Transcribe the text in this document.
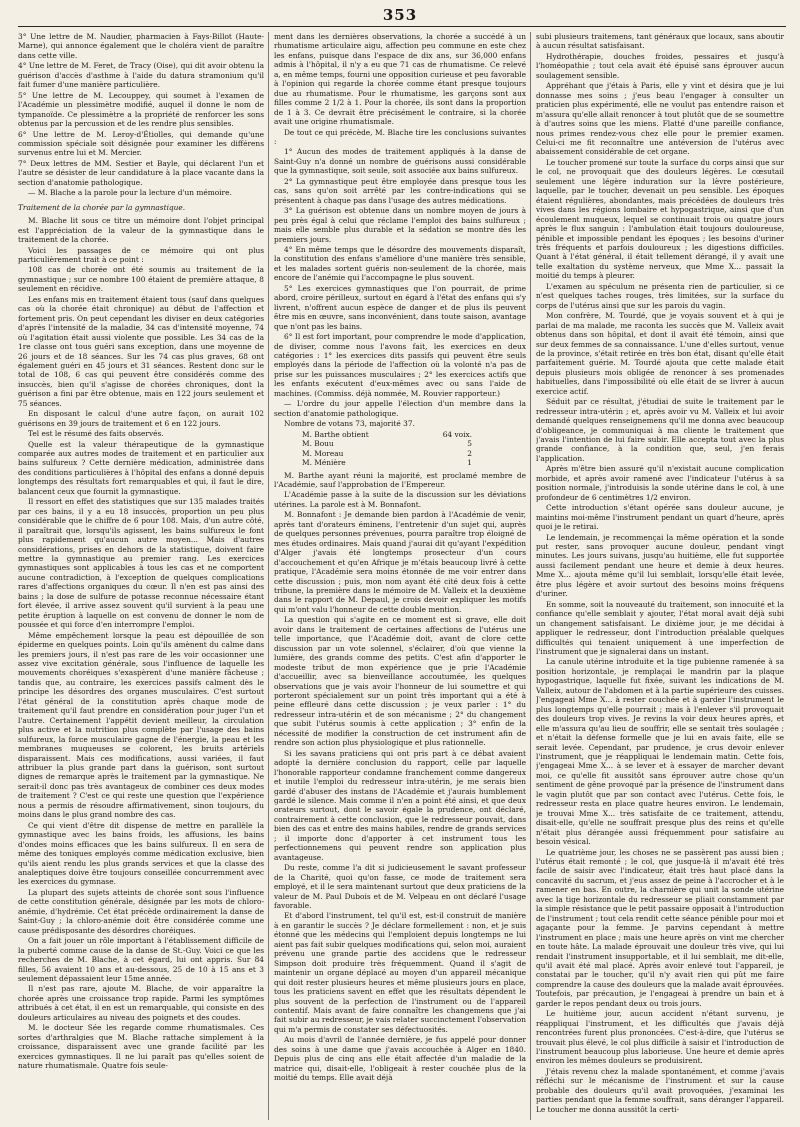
353

3° Une lettre de M. Naudier, pharmacien à Fays-Billot (Haute-Marne), qui annonce également que le choléra vient de paraître dans cette ville.

4° Une lettre de M. Feret, de Tracy (Oise), qui dit avoir obtenu la guérison d'accès d'asthme à l'aide du datura stramonium qu'il fait fumer d'une manière particulière.

5° Une lettre de M. Lecouppey, qui soumet à l'examen de l'Académie un plessimètre modifié, auquel il donne le nom de tympanoïde. Ce plessimètre a la propriété de renforcer les sons obtenus par la percussion et de les rendre plus sensibles.

6° Une lettre de M. Leroy-d'Étiolles, qui demande qu'une commission spéciale soit désignée pour examiner les différens survenus entre lui et M. Mercier.

7° Deux lettres de MM. Sestier et Bayle, qui déclarent l'un et l'autre se désister de leur candidature à la place vacante dans la section d'anatomie pathologique.

— M. Blache a la parole pour la lecture d'un mémoire.

Traitement de la chorée par la gymnastique.

M. Blache lit sous ce titre un mémoire dont l'objet principal est l'appréciation de la valeur de la gymnastique dans le traitement de la chorée.

Voici les passages de ce mémoire qui ont plus particulièrement trait à ce point :

108 cas de chorée ont été soumis au traitement de la gymnastique ; sur ce nombre 100 étaient de première attaque, 8 seulement en récidive.

Les enfans mis en traitement étaient tous (sauf dans quelques cas où la chorée était chronique) au début de l'affection et fortement pris. On peut cependant les diviser en deux catégories d'après l'intensité de la maladie, 34 cas d'intensité moyenne, 74 où l'agitation était aussi violente que possible. Les 34 cas de la 1re classe ont tous guéri sans exception, dans une moyenne de 26 jours et de 18 séances. Sur les 74 cas plus graves, 68 ont également guéri en 45 jours et 31 séances. Restent donc sur le total de 108, 6 cas qui peuvent être considérés comme des insuccès, bien qu'il s'agisse de chorées chroniques, dont la guérison a fini par être obtenue, mais en 122 jours seulement et 75 séances.

En disposant le calcul d'une autre façon, on aurait 102 guérisons en 39 jours de traitement et 6 en 122 jours.

Tel est le résumé des faits observés.

Quelle est la valeur thérapeutique de la gymnastique comparée aux autres modes de traitement et en particulier aux bains sulfureux ? Cette dernière médication, administrée dans des conditions particulières à l'hôpital des enfans a donné depuis longtemps des résultats fort remarquables et qui, il faut le dire, balancent ceux que fournit la gymnastique.

Il ressort en effet des statistiques que sur 135 malades traités par ces bains, il y a eu 18 insuccès, proportion un peu plus considérable que le chiffre de 6 pour 108. Mais, d'un autre côté, il paraîtrait que, lorsqu'ils agissent, les bains sulfureux le font plus rapidement qu'aucun autre moyen... Mais d'autres considérations, prises en dehors de la statistique, doivent faire mettre la gymnastique au premier rang. Les exercices gymnastiques sont applicables à tous les cas et ne comportent aucune contradiction, à l'exception de quelques complications rares d'affections organiques du cœur. Il n'en est pas ainsi des bains ; la dose de sulfure de potasse reconnue nécessaire étant fort élevée, il arrive assez souvent qu'il survient à la peau une petite éruption à laquelle on est convenu de donner le nom de poussée et qui force d'en interrompre l'emploi.

Même empêchement lorsque la peau est dépouillée de son épiderme en quelques points. Loin qu'ils amènent du calme dans les premiers jours, il n'est pas rare de les voir occasionner une assez vive excitation générale, sous l'influence de laquelle les mouvements choréiques s'exaspèrent d'une manière fâcheuse ; tandis que, au contraire, les exercices passifs calment dès le principe les désordres des organes musculaires. C'est surtout l'état général de la constitution après chaque mode de traitement qu'il faut prendre en considération pour juger l'un et l'autre. Certainement l'appétit devient meilleur, la circulation plus active et la nutrition plus complète par l'usage des bains sulfureux, la force musculaire gagne de l'énergie, la peau et les membranes muqueuses se colorent, les bruits artériels disparaissent. Mais ces modifications, aussi variées, il faut attribuer la plus grande part dans la guérison, sont surtout dignes de remarque après le traitement par la gymnastique. Ne serait-il donc pas très avantageux de combiner ces deux modes de traitement ? C'est ce qui reste une question que l'expérience nous a permis de résoudre affirmativement, sinon toujours, du moins dans le plus grand nombre des cas.

Ce qui vient d'être dit dispense de mettre en parallèle la gymnastique avec les bains froids, les affusions, les bains d'ondes moins efficaces que les bains sulfureux. Il en sera de même des toniques employés comme médication exclusive, bien qu'ils aient rendu les plus grands services et que la classe des analeptiques doive être toujours conseillée concurremment avec les exercices du gymnase.

La plupart des sujets atteints de chorée sont sous l'influence de cette constitution générale, désignée par les mots de chloro-anémie, d'hydrémie. Cet état précède ordinairement la danse de Saint-Guy ; la chloro-anémie doit être considérée comme une cause prédisposante des désordres choréiques.

On a fait jouer un rôle important à l'établissement difficile de la puberté comme cause de la danse de St.-Guy. Voici ce que les recherches de M. Blache, à cet égard, lui ont appris. Sur 84 filles, 56 avaient 10 ans et au-dessous, 25 de 10 à 15 ans et 3 seulement dépassaient leur 15me année.

Il n'est pas rare, ajoute M. Blache, de voir apparaître la chorée après une croissance trop rapide. Parmi les symptômes attribués à cet état, il en est un remarquable, qui consiste en des douleurs articulaires au niveau des poignets et des coudes.

M. le docteur Sée les regarde comme rhumatismales. Ces sortes d'arthralgies que M. Blache rattache simplement à la croissance, disparaissent avec une grande facilité par les exercices gymnastiques. Il ne lui paraît pas qu'elles soient de nature rhumatismale. Quatre fois seule-

ment dans les dernières observations, la chorée a succédé à un rhumatisme articulaire aigu, affection peu commune en este chez les enfans, puisque dans l'espace de dix ans, sur 36,000 enfans admis à l'hôpital, il n'y a eu que 71 cas de rhumatisme. Ce relevé a, en même temps, fourni une opposition curieuse et peu favorable à l'opinion qui regarde la chorée comme étant presque toujours due au rhumatisme. Pour le rhumatisme, les garçons sont aux filles comme 2 1/2 à 1. Pour la chorée, ils sont dans la proportion de 1 à 3. Ce devrait être précisément le contraire, si la chorée avait une origine rhumatismale.

De tout ce qui précède, M. Blache tire les conclusions suivantes :

1° Aucun des modes de traitement appliqués à la danse de Saint-Guy n'a donné un nombre de guérisons aussi considérable que la gymnastique, soit seule, soit associée aux bains sulfureux.

2° La gymnastique peut être employée dans presque tous les cas, sans qu'on soit arrêté par les contre-indications qui se présentent à chaque pas dans l'usage des autres médications.

3° La guérison est obtenue dans un nombre moyen de jours à peu près égal à celui que réclame l'emploi des bains sulfureux ; mais elle semble plus durable et la sédation se montre dès les premiers jours.

4° En même temps que le désordre des mouvements disparaît, la constitution des enfans s'améliore d'une manière très sensible, et les malades sortent guéris non-seulement de la chorée, mais encore de l'anémie qui l'accompagne le plus souvent.

5° Les exercices gymnastiques que l'on pourrait, de prime abord, croire périlleux, surtout en égard à l'état des enfans qui s'y livrent, n'offrent aucun espèce de danger et de plus ils peuvent être mis en œuvre, sans inconvénient, dans toute saison, avantage que n'ont pas les bains.

6° Il est fort important, pour comprendre le mode d'application, de diviser, comme nous l'avons fait, les exercices en deux catégories : 1° les exercices dits passifs qui peuvent être seuls employés dans la période de l'affection où la volonté n'a pas de prise sur les puissances musculaires ; 2° les exercices actifs que les enfants exécutent d'eux-mêmes avec ou sans l'aide de machines. (Commiss. déjà nommée, M. Rouvier rapporteur.)

— L'ordre du jour appelle l'élection d'un membre dans la section d'anatomie pathologique.

Nombre de votans 73, majorité 37.

M. Barthe obtient	64 voix.
M. Bouu	5
M. Moreau	2
M. Ménière	1

M. Barthe ayant réuni la majorité, est proclamé membre de l'Académie, sauf l'approbation de l'Empereur.

L'Académie passe à la suite de la discussion sur les déviations utérines. La parole est à M. Bonnafont.

M. Bonnafont : Je demande bien pardon à l'Académie de venir, après tant d'orateurs éminens, l'entretenir d'un sujet qui, auprès de quelques personnes prévenues, pourra paraître trop éloigné de mes études ordinaires. Mais quand j'aurai dit qu'ayant l'expédition d'Alger j'avais été longtemps prosecteur d'un cours d'accouchement et qu'en Afrique je m'étais beaucoup livré à cette pratique, l'Académie sera moins étonnée de me voir entrer dans cette discussion ; puis, mon nom ayant été cité deux fois à cette tribune, la première dans le mémoire de M. Valleix et la deuxième dans le rapport de M. Depaul, je crois devoir expliquer les motifs qui m'ont valu l'honneur de cette double mention.

La question qui s'agite en ce moment est si grave, elle doit avoir dans le traitement de certaines affections de l'utérus une telle importance, que l'Académie doit, avant de clore cette discussion par un vote solennel, s'éclairer, d'où que vienne la lumière, des grands comme des petits. C'est afin d'apporter le modeste tribut de mon expérience que je prie l'Académie d'accueillir, avec sa bienveillance accoutumée, les quelques observations que je vais avoir l'honneur de lui soumettre et qui porteront spécialement sur un point très important qui a été à peine effleuré dans cette discussion ; je veux parler : 1° du redresseur intra-utérin et de son mécanisme ; 2° du changement que subit l'utérus soumis à cette application ; 3° enfin de la nécessité de modifier la construction de cet instrument afin de rendre son action plus physiologique et plus rationnelle.

Si les savans praticiens qui ont pris part à ce débat avaient adopté la dernière conclusion du rapport, celle par laquelle l'honorable rapporteur condamne franchement comme dangereux et inutile l'emploi du redresseur intra-utérin, je me serais bien gardé d'abuser des instans de l'Académie et j'aurais humblement gardé le silence. Mais comme il n'en a point été ainsi, et que deux orateurs surtout, dont le savoir égale la prudence, ont déclaré, contrairement à cette conclusion, que le redresseur pouvait, dans bien des cas et entre des mains habiles, rendre de grands services ; il importe donc d'apporter à cet instrument tous les perfectionnemens qui peuvent rendre son application plus avantageuse.

Du reste, comme l'a dit si judicieusement le savant professeur de la Charité, quoi qu'on fasse, ce mode de traitement sera employé, et il le sera maintenant surtout que deux praticiens de la valeur de M. Paul Dubois et de M. Velpeau en ont déclaré l'usage favorable.

Et d'abord l'instrument, tel qu'il est, est-il construit de manière à en garantir le succès ? Je déclare formellement : non, et je suis étonné que les médecins qui l'emploient depuis longtemps ne lui aient pas fait subir quelques modifications qui, selon moi, auraient prévenu une grande partie des accidens que le redresseur Simpson doit produire très fréquemment. Quand il s'agit de maintenir un organe déplacé au moyen d'un appareil mécanique qui doit rester plusieurs heures et même plusieurs jours en place, tous les praticiens savent en effet que les résultats dépendent le plus souvent de la perfection de l'instrument ou de l'appareil contentif. Mais avant de faire connaître les changemens que j'ai fait subir au redresseur, je vais relater succinctement l'observation qui m'a permis de constater ses défectuosités.

Au mois d'avril de l'année dernière, je fus appelé pour donner des soins à une dame que j'avais accouchée à Alger en 1840. Depuis plus de cinq ans elle était affectée d'un maladie de la matrice qui, disait-elle, l'obligeait à rester couchée plus de la moitié du temps. Elle avait déjà

subi plusieurs traitemens, tant généraux que locaux, sans aboutir à aucun résultat satisfaisant.

Hydrothérapie, douches froides, pessaires et jusqu'à l'homéopathie ; tout cela avait été épuisé sans éprouver aucun soulagement sensible.

Appréhant que j'étais à Paris, elle y vint et désira que je lui donnasse mes soins ; j'eus beau l'engager à consulter un praticien plus expérimenté, elle ne voulut pas entendre raison et m'assura qu'elle allait renoncer à tout plutôt que de se soumettre à d'autres soins que les miens. Flatté d'une pareille confiance, nous primes rendez-vous chez elle pour le premier examen. Celui-ci me fit reconnaître une antéversion de l'utérus avec abaissement considérable de cet organe.

Le toucher promené sur toute la surface du corps ainsi que sur le col, ne provoquait que des douleurs légères. Le cœsutail seulement une légère induration sur la lèvre postérieure, laquelle, par le toucher, devenait un peu sensible. Les époques étaient régulières, abondantes, mais précédées de douleurs très vives dans les régions lombaire et hypogastrique, ainsi que d'un écoulement muqueux, lequel se continuait trois ou quatre jours après le flux sanguin : l'ambulation était toujours douloureuse, pénible et impossible pendant les époques ; les besoins d'uriner très fréquents et parfois douloureux ; les digestions difficiles. Quant à l'état général, il était tellement dérangé, il y avait une telle exaltation du système nerveux, que Mme X... passait la moitié du temps à pleurer.

L'examen au spéculum ne présenta rien de particulier, si ce n'est quelques taches rouges, très limitées, sur la surface du corps de l'utérus ainsi que sur les parois du vagin.

Mon confrère, M. Tourdé, que je voyais souvent et à qui je parlai de ma malade, me raconta les succès que M. Valleix avait obtenus dans son hôpital, et dont il avait été témoin, ainsi que sur deux femmes de sa connaissance. L'une d'elles surtout, venue de la province, s'était retirée en très bon état, disant qu'elle était parfaitement guérie. M. Tourdé ajouta que cette malade était depuis plusieurs mois obligée de renoncer à ses promenades habituelles, dans l'impossibilité où elle était de se livrer à aucun exercice actif.

Séduit par ce résultat, j'étudiai de suite le traitement par le redresseur intra-utérin ; et, après avoir vu M. Valleix et lui avoir demandé quelques renseignemens qu'il me donna avec beaucoup d'obligeance, je communiquai à ma cliente le traitement que j'avais l'intention de lui faire subir. Elle accepta tout avec la plus grande confiance, à la condition que, seul, j'en ferais l'application.

Après m'être bien assuré qu'il n'existait aucune complication morbide, et après avoir ramené avec l'indicateur l'utérus à sa position normale, j'introduisis la sonde utérine dans le col, à une profondeur de 6 centimètres 1/2 environ.

Cette introduction s'étant opérée sans douleur aucune, je maintins moi-même l'instrument pendant un quart d'heure, après quoi je le retirai.

Le lendemain, je recommençai la même opération et la sonde put rester, sans provoquer aucune douleur, pendant vingt minutes. Les jours suivans, jusqu'au huitième, elle fut supportée aussi facilement pendant une heure et demie à deux heures. Mme X... ajouta même qu'il lui semblait, lorsqu'elle était levée, être plus légère et avoir surtout des besoins moins fréquens d'uriner.

En somme, soit la nouveauté du traitement, son innocuité et la confiance qu'elle semblait y ajouter, l'état moral avait déjà subi un changement satisfaisant. Le dixième jour, je me décidai à appliquer le redresseur, dont l'introduction préalable quelques difficultés qui tenaient uniquement à une imperfection de l'instrument que je signalerai dans un instant.

La canule utérine introduite et la tige pubienne ramenée à sa position horizontale, je remplaçai le mandrin par la plaque hypogastrique, laquelle fut fixée, suivant les indications de M. Valleix, autour de l'abdomen et à la partie supérieure des cuisses. J'engageai Mme X... à rester couchée et à garder l'instrument le plus longtemps qu'elle pourrait ; mais à l'enlever s'il provoquait des douleurs trop vives. Je revins la voir deux heures après, et elle m'assura qu'au lieu de souffrir, elle se sentait très soulagée ; et n'était la défense formelle que je lui en avais faite, elle se serait levée. Cependant, par prudence, je crus devoir enlever l'instrument, que je réappliquai le lendemain matin. Cette fois, j'engageai Mme X... à se lever et à essayer de marcher devant moi, ce qu'elle fit aussitôt sans éprouver autre chose qu'un sentiment de gêne provoqué par la présence de l'instrument dans le vagin plutôt que par son contact avec l'utérus. Cette fois, le redresseur resta en place quatre heures environ. Le lendemain, je trouvai Mme X... très satisfaite de ce traitement, attendu, disait-elle, qu'elle ne souffrait presque plus des reins et qu'elle n'était plus dérangée aussi fréquemment pour satisfaire au besoin vésical.

Le quatrième jour, les choses ne se passèrent pas aussi bien ; l'utérus était remonté ; le col, que jusque-là il m'avait été très facile de saisir avec l'indicateur, était très haut placé dans la concavité du sacrum, et j'eus assez de peine à l'accrocher et à le ramener en bas. En outre, la charnière qui unit la sonde utérine avec la tige horizontale du redresseur se pliait constamment par la simple résistance que le petit passaire opposait à l'introduction de l'instrument ; tout cela rendit cette séance pénible pour moi et agaçante pour la femme. Je parvins cependant à mettre l'instrument en place ; mais une heure après on vint me chercher en toute hâte. La malade éprouvait une douleur très vive, qui lui rendait l'instrument insupportable, et il lui semblait, me dit-elle, qu'il avait été mal placé. Après avoir enlevé tout l'appareil, je constatai par le toucher, qu'il n'y avait rien qui pût me faire comprendre la cause des douleurs que la malade avait éprouvées. Toutefois, par précaution, je l'engageai à prendre un bain et à garder le repos pendant deux ou trois jours.

Le huitième jour, aucun accident n'étant survenu, je réappliquai l'instrument, et les difficultés que j'avais déjà rencontrées furent plus prononcées. C'est-à-dire, que l'utérus se trouvait plus élevé, le col plus difficile à saisir et l'introduction de l'instrument beaucoup plus laborieuse. Une heure et demie après environ les mêmes douleurs se produisirent.

J'étais revenu chez la malade spontanément, et comme j'avais réfléchi sur le mécanisme de l'instrument et sur la cause probable des douleurs qu'il avait provoquées, j'examinai les parties pendant que la femme souffrait, sans déranger l'appareil. Le toucher me donna aussitôt la certi-
